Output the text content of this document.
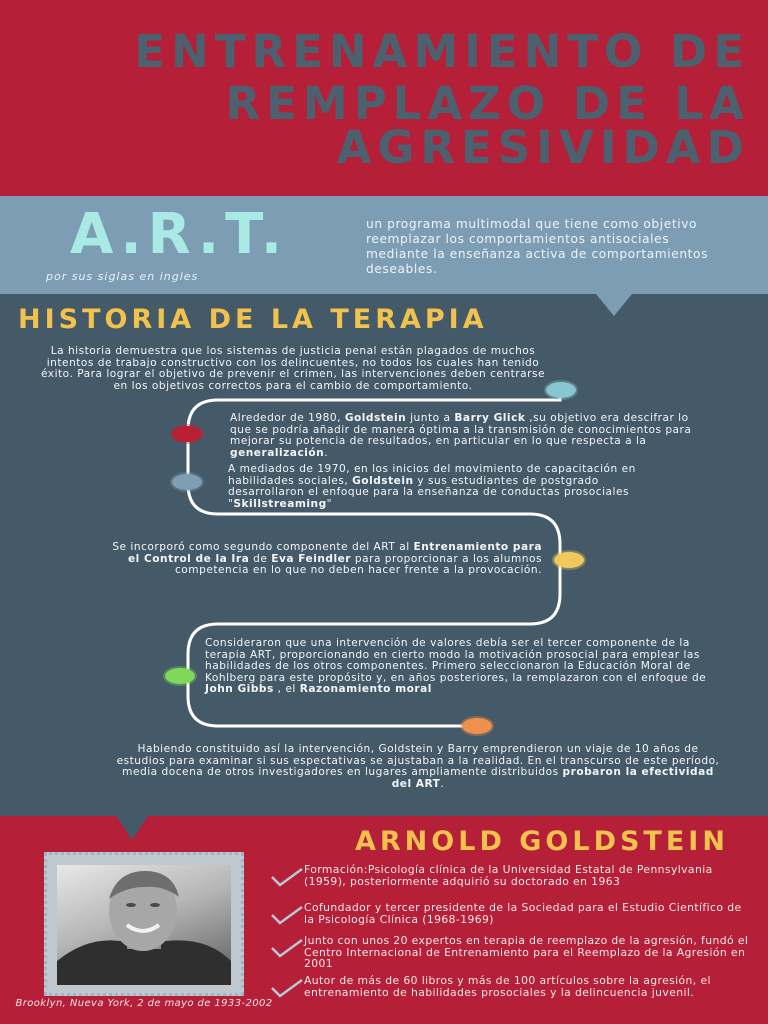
ENTRENAMIENTO DE
REMPLAZO DE LA
AGRESIVIDAD
A.R.T.
por sus siglas en ingles
un programa multimodal que tiene como objetivo reemplazar los comportamientos antisociales mediante la enseñanza activa de comportamientos deseables.
HISTORIA DE LA TERAPIA
La historia demuestra que los sistemas de justicia penal están plagados de muchos intentos de trabajo constructivo con los delincuentes, no todos los cuales han tenido éxito. Para lograr el objetivo de prevenir el crimen, las intervenciones deben centrarse en los objetivos correctos para el cambio de comportamiento.
Alrededor de 1980, Goldstein junto a Barry Glick ,su objetivo era descifrar lo que se podría añadir de manera óptima a la transmisión de conocimientos para mejorar su potencia de resultados, en particular en lo que respecta a la generalización.
A mediados de 1970, en los inicios del movimiento de capacitación en habilidades sociales, Goldstein y sus estudiantes de postgrado desarrollaron el enfoque para la enseñanza de conductas prosociales "Skillstreaming"
Se incorporó como segundo componente del ART al Entrenamiento para el Control de la Ira de Eva Feindler para proporcionar a los alumnos competencia en lo que no deben hacer frente a la provocación.
Consideraron que una intervención de valores debía ser el tercer componente de la terapia ART, proporcionando en cierto modo la motivación prosocial para emplear las habilidades de los otros componentes. Primero seleccionaron la Educación Moral de Kohlberg para este propósito y, en años posteriores, la remplazaron con el enfoque de John Gibbs , el Razonamiento moral
Habiendo constituido así la intervención, Goldstein y Barry emprendieron un viaje de 10 años de estudios para examinar si sus espectativas se ajustaban a la realidad. En el transcurso de este período, media docena de otros investigadores en lugares ampliamente distribuidos probaron la efectividad del ART.
ARNOLD GOLDSTEIN
Brooklyn, Nueva York, 2 de mayo de 1933-2002
Formación:Psicología clínica de la Universidad Estatal de Pennsylvania (1959), posteriormente adquirió su doctorado en 1963
Cofundador y tercer presidente de la Sociedad para el Estudio Científico de la Psicología Clínica (1968-1969)
Junto con unos 20 expertos en terapia de reemplazo de la agresión, fundó el Centro Internacional de Entrenamiento para el Reemplazo de la Agresión en 2001
Autor de más de 60 libros y más de 100 artículos sobre la agresión, el entrenamiento de habilidades prosociales y la delincuencia juvenil.
